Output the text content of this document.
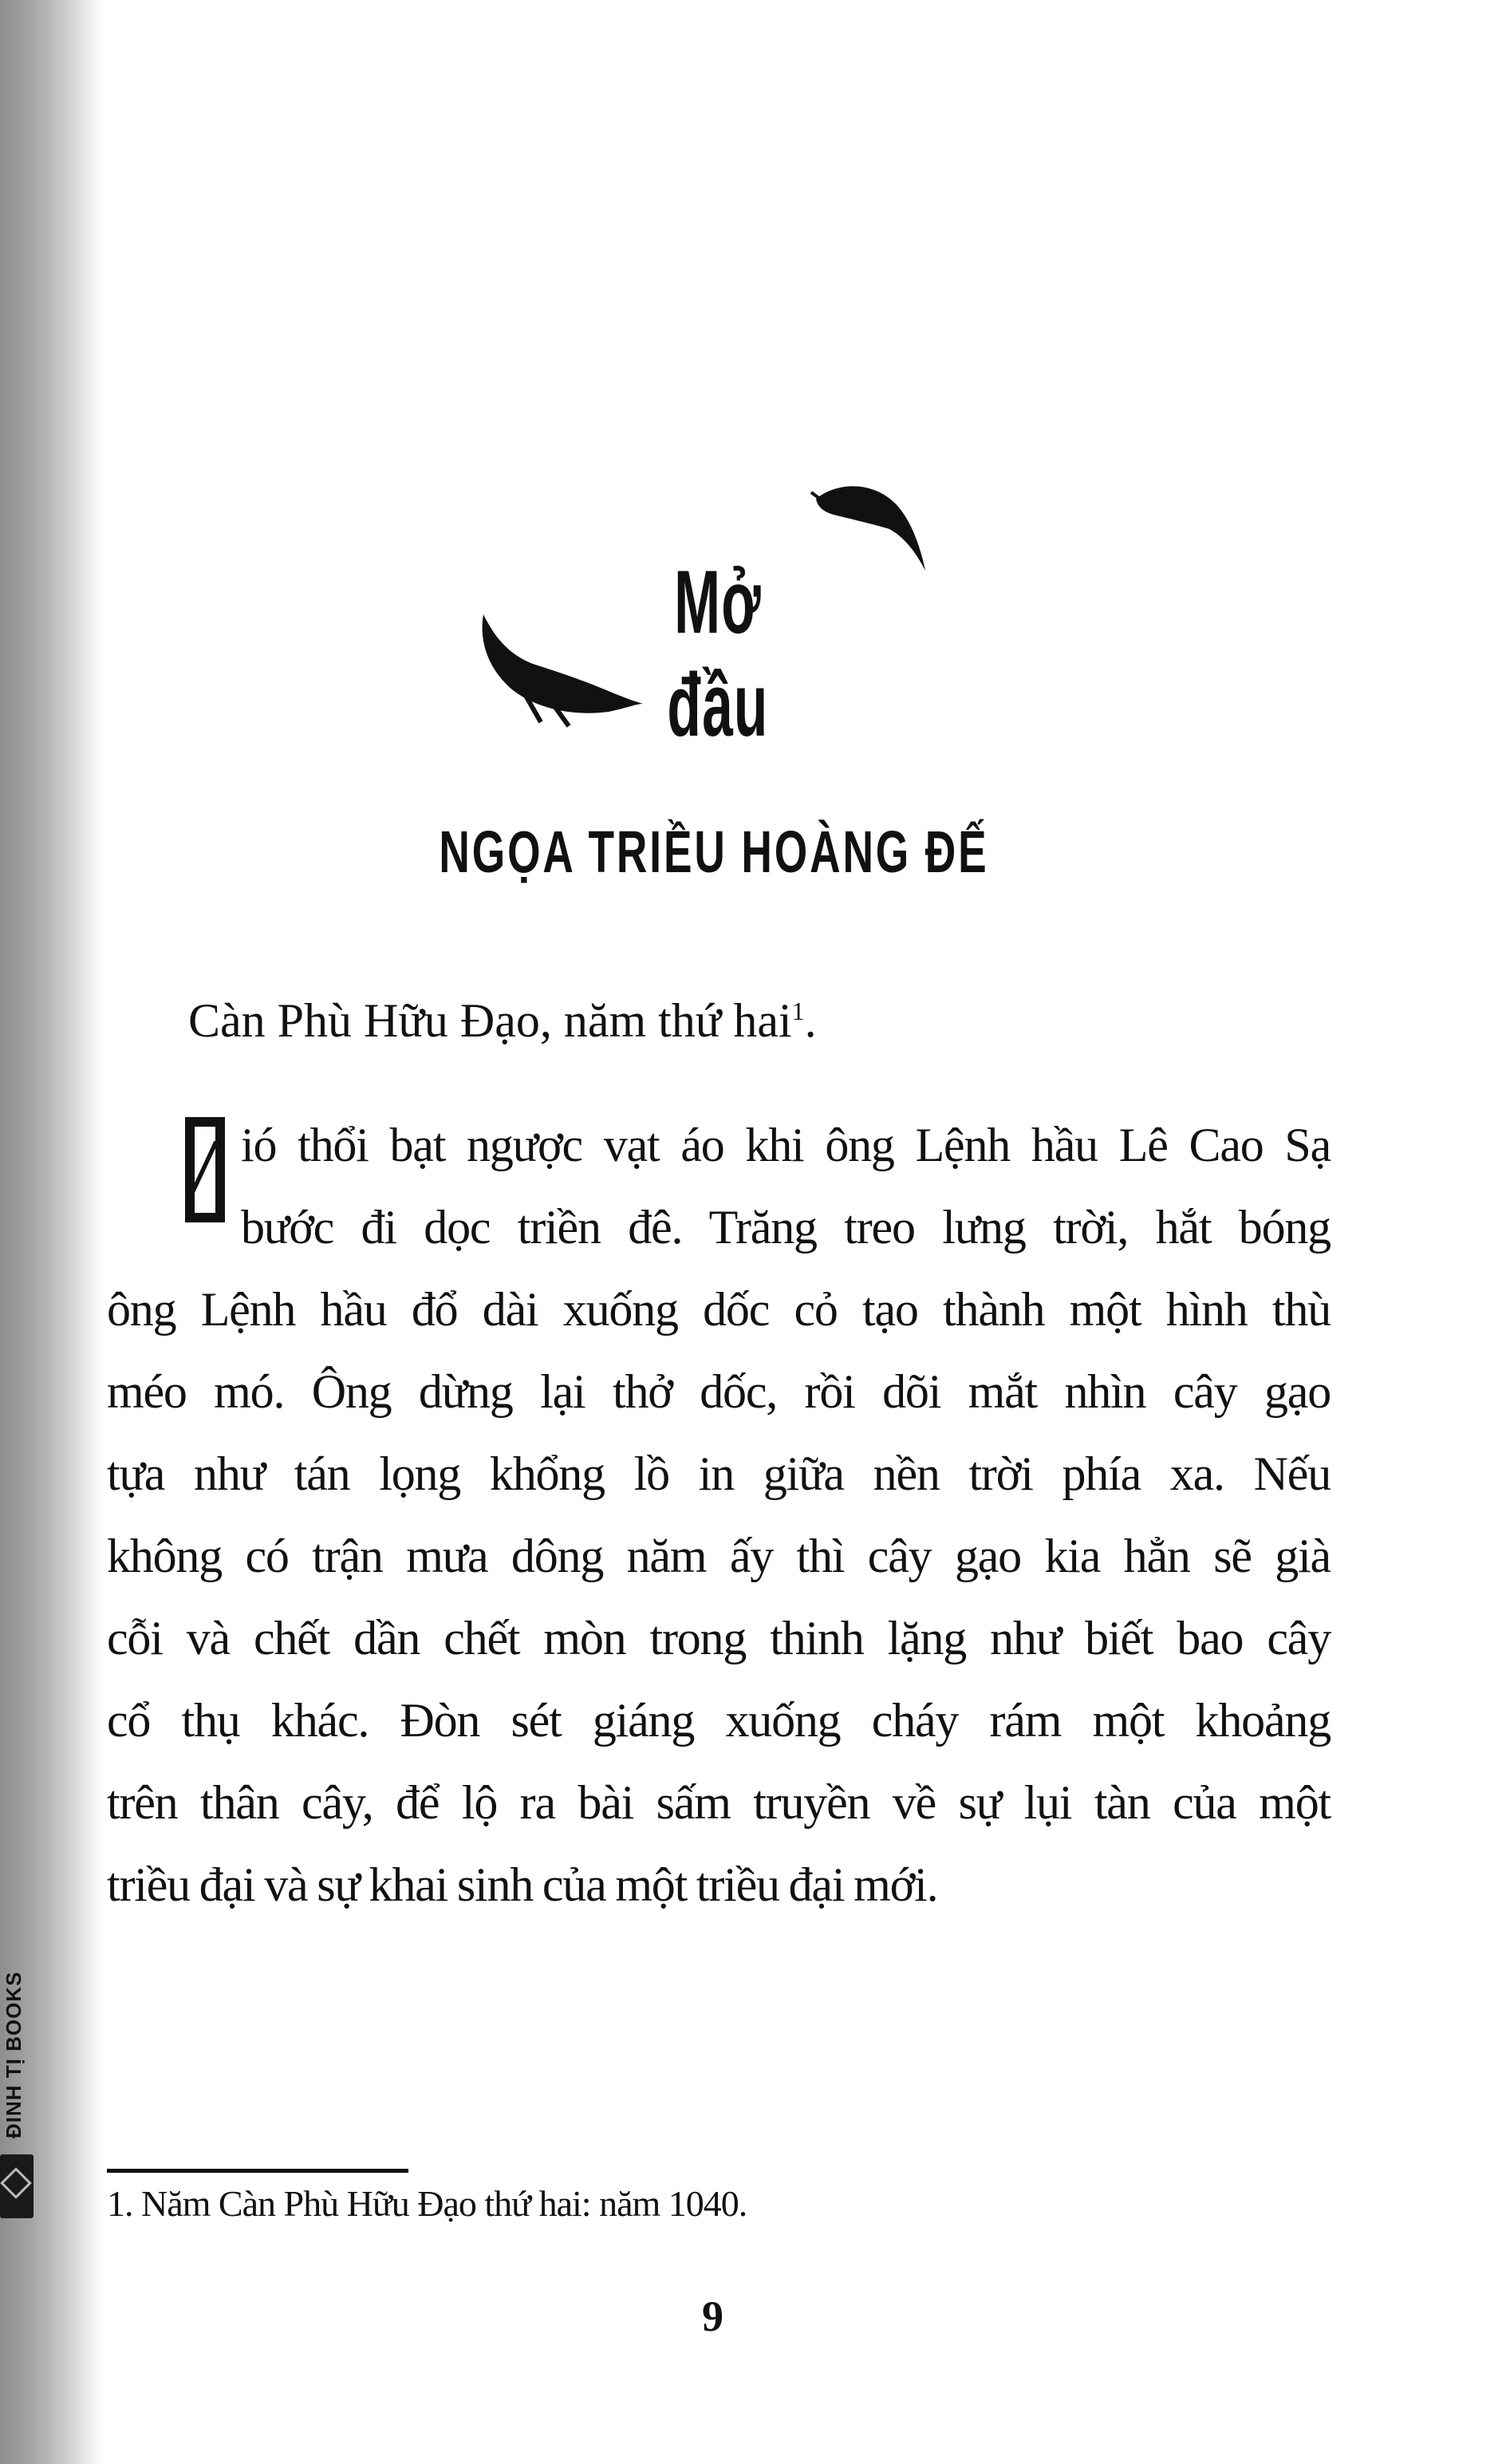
ĐINH TỊ BOOKS
Mở đầu
NGỌA TRIỀU HOÀNG ĐẾ
Càn Phù Hữu Đạo, năm thứ hai$^1$.
ió thổi bạt ngược vạt áo khi ông Lệnh hầu Lê Cao Sạ
bước đi dọc triền đê. Trăng treo lưng trời, hắt bóng
ông Lệnh hầu đổ dài xuống dốc cỏ tạo thành một hình thù
méo mó. Ông dừng lại thở dốc, rồi dõi mắt nhìn cây gạo
tựa như tán lọng khổng lồ in giữa nền trời phía xa. Nếu
không có trận mưa dông năm ấy thì cây gạo kia hẳn sẽ già
cỗi và chết dần chết mòn trong thinh lặng như biết bao cây
cổ thụ khác. Đòn sét giáng xuống cháy rám một khoảng
trên thân cây, để lộ ra bài sấm truyền về sự lụi tàn của một
triều đại và sự khai sinh của một triều đại mới.
1. Năm Càn Phù Hữu Đạo thứ hai: năm 1040.
9
